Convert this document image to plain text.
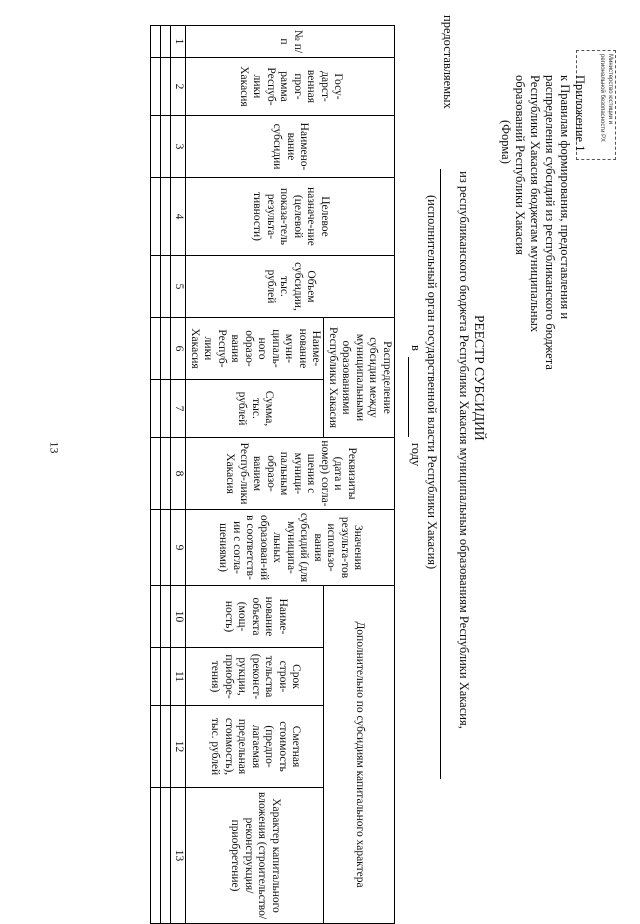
13
Министерство юстиции и региональной безопасности РХ
Приложение 1
к Правилам формирования, предоставления и
распределения субсидий из республиканского бюджета
Республики Хакасия бюджетам муниципальных
образований Республики Хакасия
(Форма)
РЕЕСТР СУБСИДИЙ
из республиканского бюджета Республики Хакасия муниципальным образованиям Республики Хакасия,
предоставляемых
(исполнительный орган государственной власти Республики Хакасия)
вгоду
№ п/п	Госу-дарст-венная прог-рамма Респуб-лики Хакасия	Наимено-вание субсидии	Целевое назначе-ние (целевой показа-тель результа-тивности)	Объем субсидии, тыс. рублей	Распределение субсидии между муниципальными образованиями Республики Хакасия		Реквизиты (дата и номер) согла-шения с муници-пальным образо-ванием Респуб-лики Хакасия	Значения результа-тов использо-вания субсидий (для муниципа-льных образован-ий в соответств-ии с согла-шениями)	Дополнительно по субсидиям капитального характера			
					Наиме-нование муни-ципаль-ного образо-вания Респуб-лики Хакасия	Сумма, тыс. рублей			Наиме-нование объекта (мощ-ность)	Срок строи-тельства (реконст-рукции, приобре-тения)	Сметная стоимость (предпо-лагаемая предельная стоимость), тыс. рублей	Характер капитального вложения (строительство/ реконструкция/ приобретение)
1	2	3	4	5	6	7	8	9	10	11	12	13
